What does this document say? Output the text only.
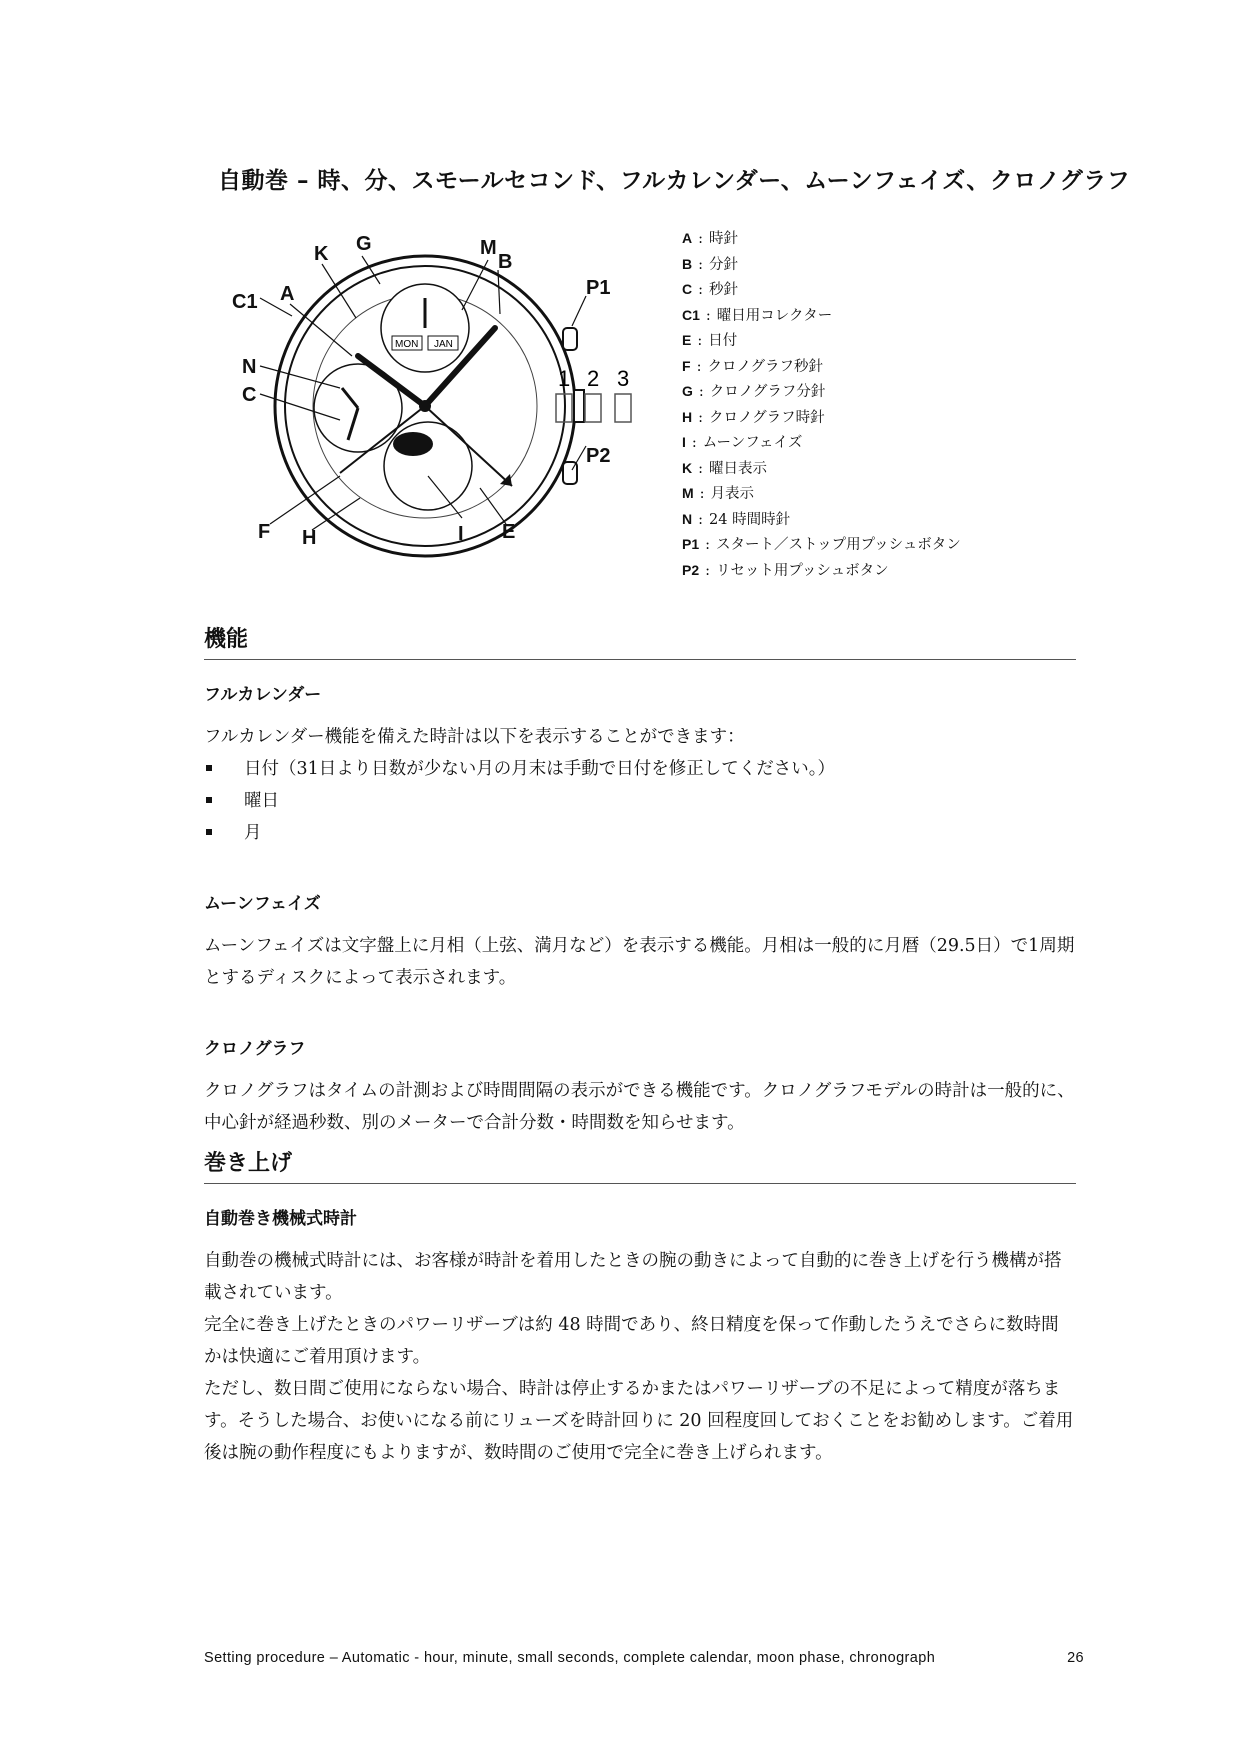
自動巻 – 時、分、スモールセコンド、フルカレンダー、ムーンフェイズ、クロノグラフ
1 2 3
MON JAN
K G	M
B
A
C1
P1
N
C
P2
F H	I E
A : 時針
B : 分針
C : 秒針
C1 : 曜日用コレクター
E : 日付
F : クロノグラフ秒針
G : クロノグラフ分針
H : クロノグラフ時針
I : ムーンフェイズ
K : 曜日表示
M : 月表示
N : 24 時間時針
P1 : スタート／ストップ用プッシュボタン
P2 : リセット用プッシュボタン
機能
フルカレンダー
フルカレンダー機能を備えた時計は以下を表示することができます：
日付（31日より日数が少ない月の月末は手動で日付を修正してください。）
曜日
月
ムーンフェイズ
ムーンフェイズは文字盤上に月相（上弦、満月など）を表示する機能。月相は一般的に月暦（29.5日）で1周期とするディスクによって表示されます。
クロノグラフ
クロノグラフはタイムの計測および時間間隔の表示ができる機能です。クロノグラフモデルの時計は一般的に、中心針が経過秒数、別のメーターで合計分数・時間数を知らせます。
巻き上げ
自動巻き機械式時計
自動巻の機械式時計には、お客様が時計を着用したときの腕の動きによって自動的に巻き上げを行う機構が搭載されています。
完全に巻き上げたときのパワーリザーブは約 48 時間であり、終日精度を保って作動したうえでさらに数時間かは快適にご着用頂けます。
ただし、数日間ご使用にならない場合、時計は停止するかまたはパワーリザーブの不足によって精度が落ちます。そうした場合、お使いになる前にリューズを時計回りに 20 回程度回しておくことをお勧めします。ご着用後は腕の動作程度にもよりますが、数時間のご使用で完全に巻き上げられます。
Setting procedure – Automatic - hour, minute, small seconds, complete calendar, moon phase, chronograph	26
